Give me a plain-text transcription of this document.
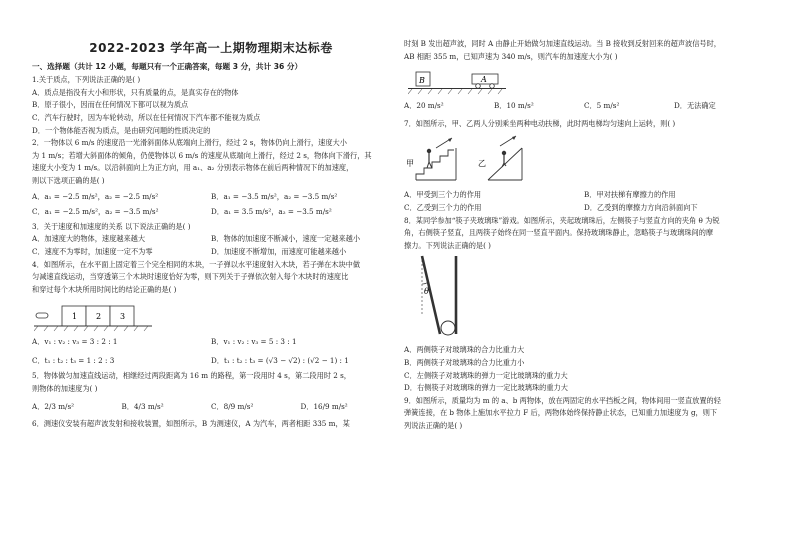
2022-2023 学年高一上期物理期末达标卷
一、选择题（共计 12 小题，每题只有一个正确答案，每题 3 分，共计 36 分）

1.关于质点，下列说法正确的是( )

A．质点是指没有大小和形状，只有质量的点，是真实存在的物体

B．原子很小，因而在任何情况下都可以视为质点

C．汽车行驶时，因为车轮转动，所以在任何情况下汽车都不能视为质点

D．一个物体能否视为质点，是由研究问题的性质决定的

2．一物体以 6 m/s 的速度沿一光滑斜面体从底端向上滑行，经过 2 s，物体仍向上滑行，速度大小

为 1 m/s；若增大斜面体的倾角，仍使物体以 6 m/s 的速度从底端向上滑行，经过 2 s，物体向下滑行，其

速度大小变为 1 m/s。以沿斜面向上为正方向，用 a₁、a₂ 分别表示物体在前后两种情况下的加速度，

则以下选项正确的是( )

A．a₁ = −2.5 m/s²，a₂ = −2.5 m/s²	B．a₁ = −3.5 m/s²，a₂ = −3.5 m/s²
C．a₁ = −2.5 m/s²，a₂ = −3.5 m/s²	D．a₁ = 3.5 m/s²，a₂ = −3.5 m/s²

3．关于速度和加速度的关系 以下说法正确的是( )

A．加速度大的物体，速度越来越大	B．物体的加速度不断减小，速度一定越来越小
C．速度不为零时，加速度一定不为零	D．加速度不断增加，而速度可能越来越小

4．如图所示，在水平面上固定着三个完全相同的木块，一子弹以水平速度射入木块，若子弹在木块中做

匀减速直线运动，当穿透第三个木块时速度恰好为零，则下列关于子弹依次射入每个木块时的速度比

和穿过每个木块所用时间比的结论正确的是( )

1 2 3
A．v₁ : v₂ : v₃ = 3 : 2 : 1	B．v₁ : v₂ : v₃ = 5 : 3 : 1
C．t₁ : t₂ : t₃ = 1 : 2 : 3	D．t₁ : t₂ : t₃ = (√3 − √2) : (√2 − 1) : 1

5．物体做匀加速直线运动，相继经过两段距离为 16 m 的路程，第一段用时 4 s，第二段用时 2 s，

则物体的加速度为( )

A．2/3 m/s²	B．4/3 m/s²	C．8/9 m/s²	D．16/9 m/s²

6．测速仪安装有超声波发射和接收装置，如图所示，B 为测速仪，A 为汽车，两者相距 335 m，某

时刻 B 发出超声波，同时 A 由静止开始做匀加速直线运动。当 B 接收到反射回来的超声波信号时，

AB 相距 355 m，已知声速为 340 m/s，则汽车的加速度大小为( )

B	A
A．20 m/s²	B．10 m/s²	C．5 m/s²	D．无法确定

7．如图所示，甲、乙两人分别乘坐两种电动扶梯，此时两电梯均匀速向上运转，则( )

甲	乙
A．甲受到三个力的作用	B．甲对扶梯有摩擦力的作用
C．乙受到三个力的作用	D．乙受到的摩擦力方向沿斜面向下

8．某同学参加“筷子夹玻璃珠”游戏。如图所示，夹起玻璃珠后，左侧筷子与竖直方向的夹角 θ 为锐

角，右侧筷子竖直，且两筷子始终在同一竖直平面内。保持玻璃珠静止，忽略筷子与玻璃珠间的摩

擦力。下列说法正确的是( )

θ

A．两侧筷子对玻璃珠的合力比重力大

B．两侧筷子对玻璃珠的合力比重力小

C．左侧筷子对玻璃珠的弹力一定比玻璃珠的重力大

D．右侧筷子对玻璃珠的弹力一定比玻璃珠的重力大

9．如图所示，质量均为 m 的 a、b 两物体，放在两固定的水平挡板之间，物体间用一竖直放置的轻

弹簧连接，在 b 物体上施加水平拉力 F 后，两物体始终保持静止状态，已知重力加速度为 g，则下

列说法正确的是( )
